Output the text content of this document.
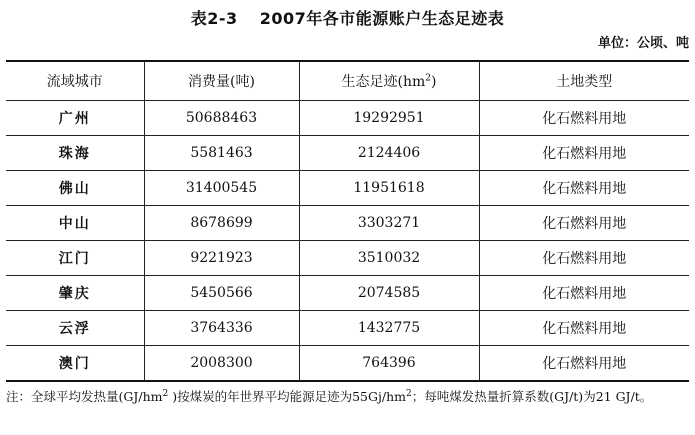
表2-3 2007年各市能源账户生态足迹表
单位：公顷、吨
流域城市	消费量(吨)	生态足迹$(hm^2)$	土地类型
广州	50688463	19292951	化石燃料用地
珠海	5581463	2124406	化石燃料用地
佛山	31400545	11951618	化石燃料用地
中山	8678699	3303271	化石燃料用地
江门	9221923	3510032	化石燃料用地
肇庆	5450566	2074585	化石燃料用地
云浮	3764336	1432775	化石燃料用地
澳门	2008300	764396	化石燃料用地
注：全球平均发热量($GJ/hm^2$ )按煤炭的年世界平均能源足迹为$55Gj/hm^2$；每吨煤发热量折算系数(GJ/t)为21 GJ/t。
